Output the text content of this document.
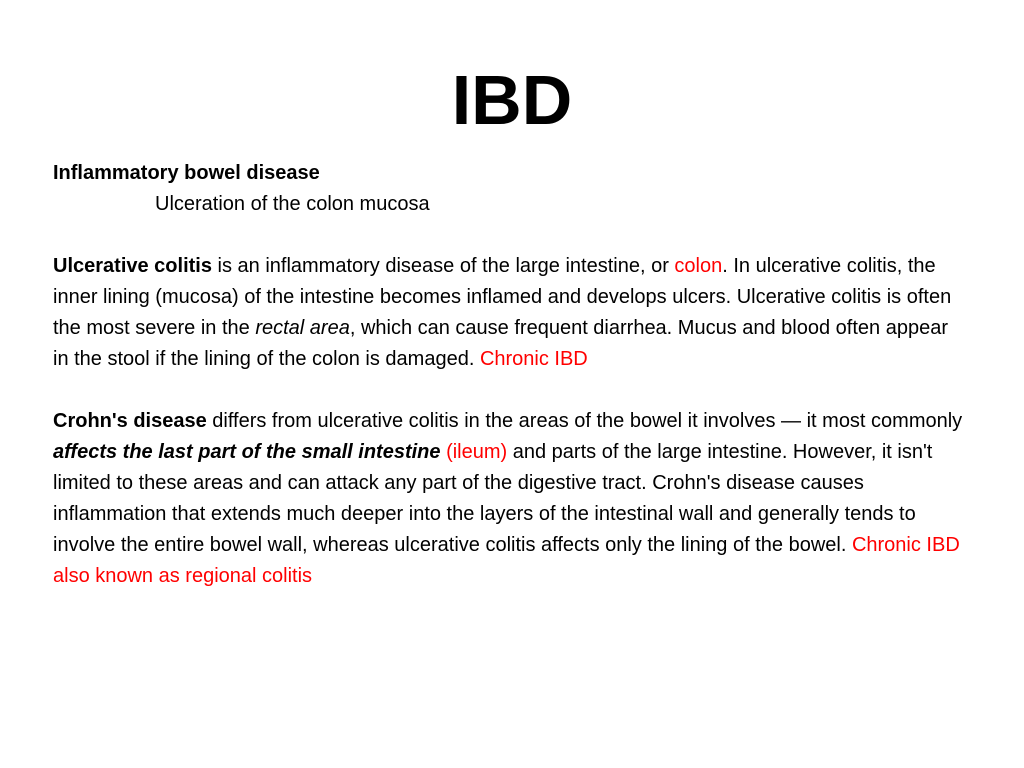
IBD

Inflammatory bowel disease

Ulceration of the colon mucosa

Ulcerative colitis is an inflammatory disease of the large intestine, or colon. In ulcerative colitis, the inner lining (mucosa) of the intestine becomes inflamed and develops ulcers. Ulcerative colitis is often the most severe in the rectal area, which can cause frequent diarrhea. Mucus and blood often appear in the stool if the lining of the colon is damaged. Chronic IBD

Crohn's disease differs from ulcerative colitis in the areas of the bowel it involves — it most commonly affects the last part of the small intestine (ileum) and parts of the large intestine. However, it isn't limited to these areas and can attack any part of the digestive tract. Crohn's disease causes inflammation that extends much deeper into the layers of the intestinal wall and generally tends to involve the entire bowel wall, whereas ulcerative colitis affects only the lining of the bowel. Chronic IBD also known as regional colitis
